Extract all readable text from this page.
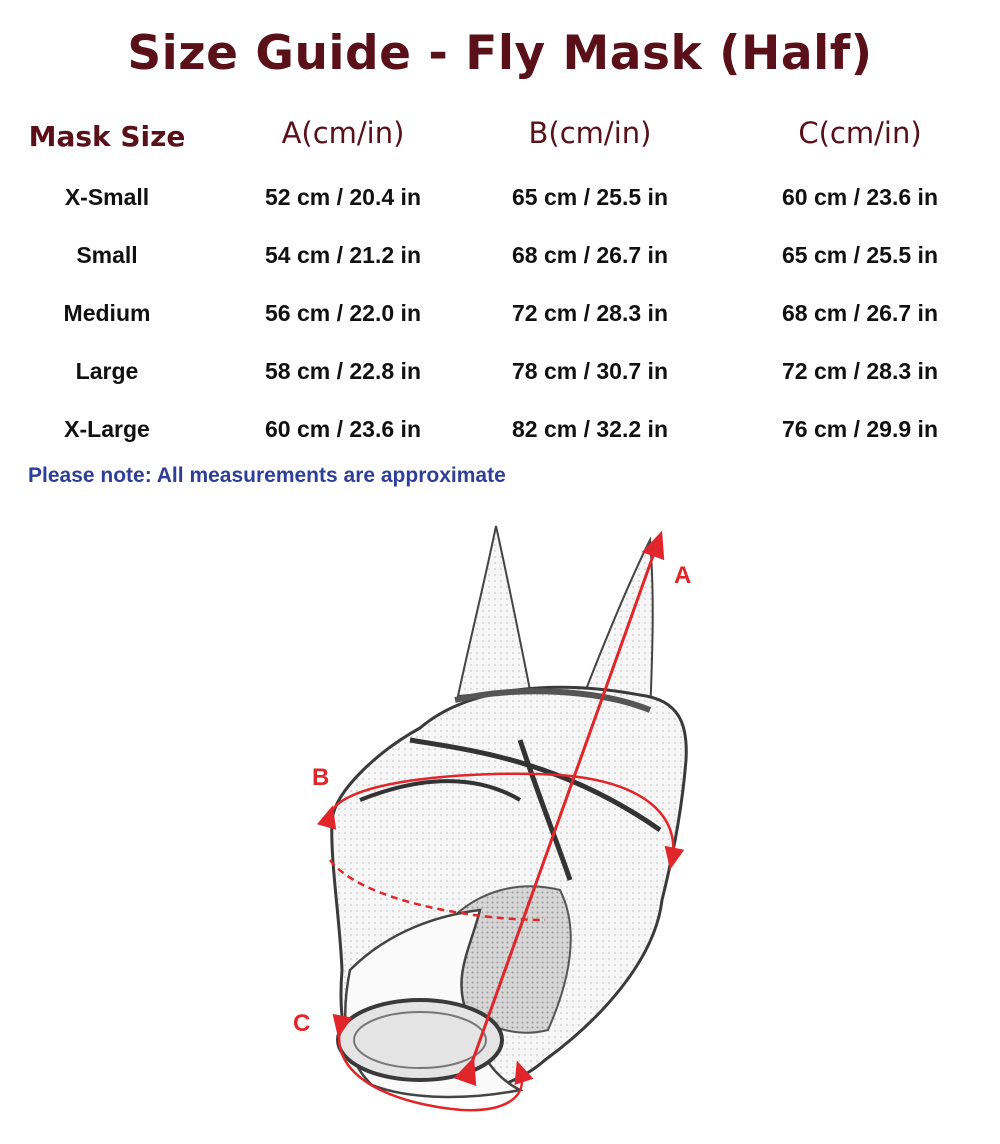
Size Guide - Fly Mask (Half)
Mask Size	A(cm/in)	B(cm/in)	C(cm/in)
X-Small	52 cm / 20.4 in	65 cm / 25.5 in	60 cm / 23.6 in
Small	54 cm / 21.2 in	68 cm / 26.7 in	65 cm / 25.5 in
Medium	56 cm / 22.0 in	72 cm / 28.3 in	68 cm / 26.7 in
Large	58 cm / 22.8 in	78 cm / 30.7 in	72 cm / 28.3 in
X-Large	60 cm / 23.6 in	82 cm / 32.2 in	76 cm / 29.9 in
Please note: All measurements are approximate
A
B
C
